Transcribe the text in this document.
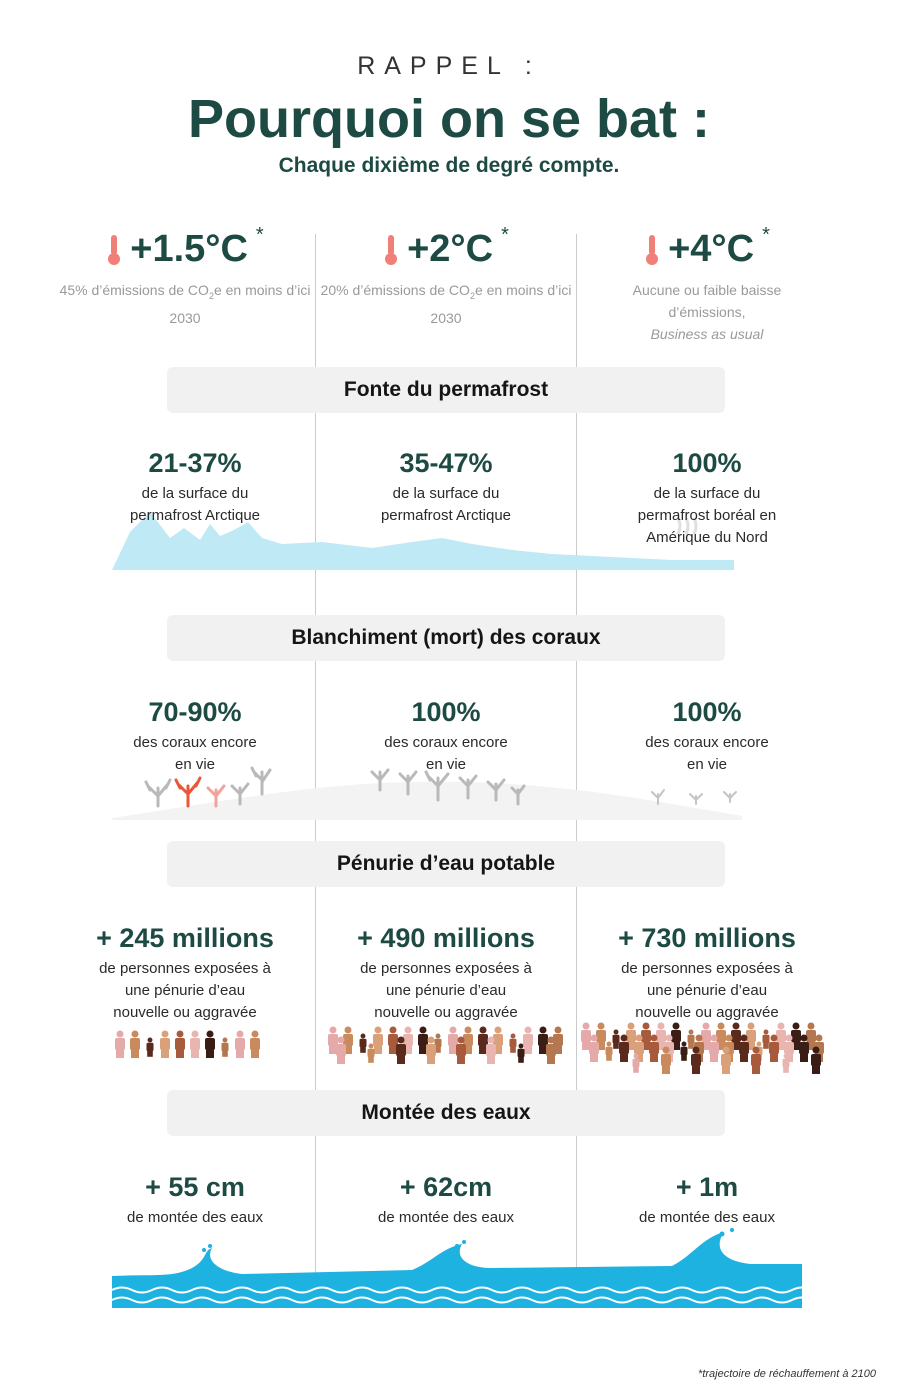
RAPPEL :
Pourquoi on se bat :
Chaque dixième de degré compte.
+1.5°C *
45% d’émissions de $CO_2e$ en moins d’ici 2030
+2°C *
20% d’émissions de $CO_2e$ en moins d’ici 2030
+4°C *
Aucune ou faible baisse d’émissions,
Business as usual
Fonte du permafrost
21-37%
de la surface du
permafrost Arctique
35-47%
de la surface du
permafrost Arctique
100%
de la surface du
permafrost boréal en
Amérique du Nord
Blanchiment (mort) des coraux
70-90%
des coraux encore
en vie
100%
des coraux encore
en vie
100%
des coraux encore
en vie
Pénurie d’eau potable
+ 245 millions
de personnes exposées à
une pénurie d’eau
nouvelle ou aggravée
+ 490 millions
de personnes exposées à
une pénurie d’eau
nouvelle ou aggravée
+ 730 millions
de personnes exposées à
une pénurie d’eau
nouvelle ou aggravée
Montée des eaux
+ 55 cm
de montée des eaux
+ 62cm
de montée des eaux
+ 1m
de montée des eaux
*trajectoire de réchauffement à 2100
